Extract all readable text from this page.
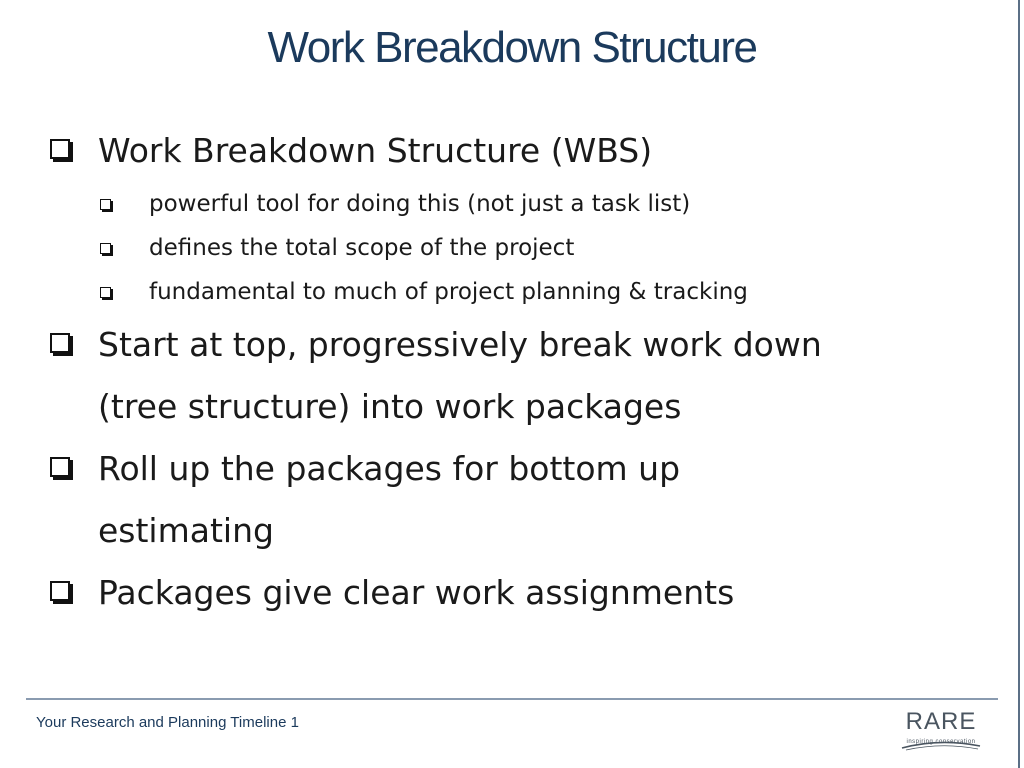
Work Breakdown Structure
Work Breakdown Structure (WBS)
powerful tool for doing this (not just a task list)
defines the total scope of the project
fundamental to much of project planning & tracking
Start at top, progressively break work down
(tree structure) into work packages
Roll up the packages for bottom up
estimating
Packages give clear work assignments
Your Research and Planning Timeline 1	RARE
inspiring conservation
